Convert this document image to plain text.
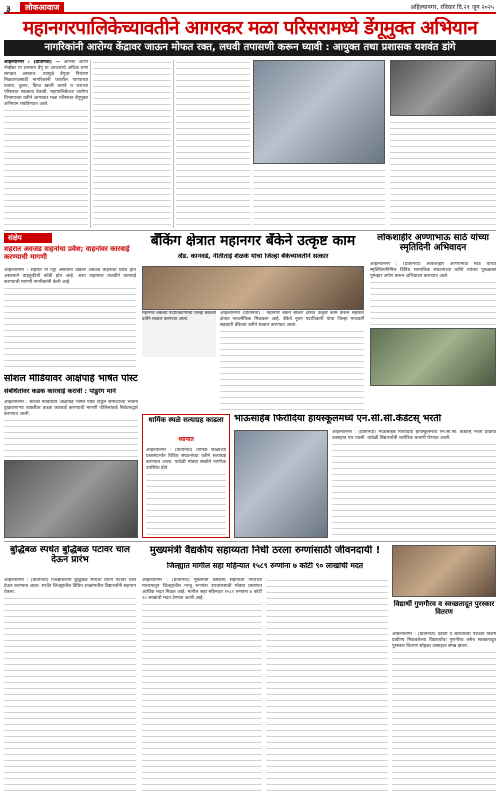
३	लोकआवाज	अहिल्यानगर, रविवार दि.२१ जून २०२५
महानगरपालिकेच्यावतीने आगरकर मळा परिसरामध्ये डेंगूमुक्त अभियान
नागरिकांनी आरोग्य केंद्रावर जाऊन मोफत रक्त, लघवी तपासणी करून घ्यावी : आयुक्त तथा प्रशासक यशवंत डांगे
अहिल्यानगर : (प्रतिनिधी) –– ऑगस्ट आणि नोव्हेंबर या दरम्यान डेंगू या आजाराचे अधिक रुग्ण सापडत असतात. त्यामुळे डेंगूवर नियंत्रण मिळवण्यासाठी नागरिकांनी घरातील पाण्याच्या टाक्या, कुलर, फ्रिज खाली करावे व घराच्या परिसरात स्वच्छता ठेवावी. महापालिकेच्या आरोग्य विभागाच्या वतीने आगरकर मळा परिसरात डेंगूमुक्त अभियान राबविण्यात आले.
संक्षेप
शहरात अवजड वाहनांचा प्रवेश; वाहनांवर कारवाई करण्याची मागणी
अहिल्यानगर : शहरात नो एंट्री असताना देखील अवजड वाहनांचा प्रवेश होत असल्याने वाहतुकीची कोंडी होत आहे. अशा वाहनांवर तातडीने कारवाई करण्याची मागणी नागरिकांनी केली आहे.
बँकिंग क्षेत्रात महानगर बँकेने उत्कृष्ट काम
अ‍ॅड. कानवडे, नीतीताई शेळके यांचा जिल्हा बँकेच्यावतीने सत्कार
महानगर बँकेच्या पदाधिकाऱ्यांचा जिल्हा बँकेच्या वतीने सत्कार करण्यात आला.
अहिल्यानगर (प्रतिनिधी) : महानगर बँकेने बँकिंग क्षेत्रात उत्कृष्ट काम करून सहकार क्षेत्रात नावलौकिक मिळवला आहे. बँकेचे नूतन पदाधिकारी यांचा जिल्हा मध्यवर्ती सहकारी बँकेच्या वतीने सत्कार करण्यात आला.
लोकशाहीर अण्णाभाऊ साठे यांच्या स्मृतिदिनी अभिवादन
अहिल्यानगर : (प्रतिनिधी) लोकशाहीर अण्णाभाऊ साठे यांच्या स्मृतिदिनानिमित्त विविध सामाजिक संघटनांच्या वतीने त्यांच्या पुतळ्यास पुष्पहार अर्पण करून अभिवादन करण्यात आले.
सोशल मीडियावर आक्षेपार्ह भाषेत पोस्ट
संबंधितांवर कडक कारवाई करावी : पांडुरंग माने
अहिल्यानगर : सोशल मीडियावर आक्षेपार्ह भाषेत पोस्ट टाकून समाजाच्या भावना दुखावणाऱ्या व्यक्तींवर कडक कारवाई करण्याची मागणी पोलिसांकडे निवेदनाद्वारे करण्यात आली.
धार्मिक स्थळे सत्याग्रह काढला
ध्यानीत
अहिल्यानगर : (प्रतिनिधी) धार्मिक स्थळांच्या प्रश्नासंदर्भात विविध संघटनांच्या वतीने सत्याग्रह करण्यात आला. यावेळी मोठ्या संख्येने नागरिक उपस्थित होते.
भाऊसाहेब फिरोदिया हायस्कूलमध्ये एन.सी.सी.कॅडेटस् भरती
अहिल्यानगर : (प्रतिनिधी) भाऊसाहेब फिरोदिया हायस्कूलमध्ये एन.सी.सी. कॅडेटस् भरती प्रक्रिया उत्साहात पार पडली. यावेळी विद्यार्थ्यांची शारीरिक चाचणी घेण्यात आली.
बुद्धिबळ स्पर्धेत बुद्धिबळ पटावर चाल देऊन प्रारंभ
अहिल्यानगर : (प्रतिनिधी) जिल्हास्तरीय बुद्धिबळ स्पर्धेचा प्रारंभ पटावर चाल देऊन करण्यात आला. स्पर्धेत जिल्ह्यातील विविध शाळांमधील विद्यार्थ्यांनी सहभाग घेतला.
मुख्यमंत्री वैद्यकीय सहाय्यता निधी ठरला रुग्णांसाठी जीवनदायी !
जिल्ह्यात मागील सहा महिन्यात १५८९ रुग्णांना ७ कोटी ९० लाखांची मदत
अहिल्यानगर : (प्रतिनिधी) मुख्यमंत्री वैद्यकीय सहाय्यता निधीच्या माध्यमातून जिल्ह्यातील गरजू रुग्णांना उपचारासाठी मोठ्या प्रमाणात आर्थिक मदत मिळत आहे. मागील सहा महिन्यात १५८९ रुग्णांना ७ कोटी ९० लाखांची मदत देण्यात आली आहे.
विद्यार्थी गुणगौरव व स्वच्छतादूत पुरस्कार वितरण
अहिल्यानगर : (प्रतिनिधी) दहावी व बारावीच्या परीक्षेत विशेष प्रावीण्य मिळवलेल्या विद्यार्थ्यांचा गुणगौरव तसेच स्वच्छतादूत पुरस्कार वितरण सोहळा उत्साहात संपन्न झाला.
